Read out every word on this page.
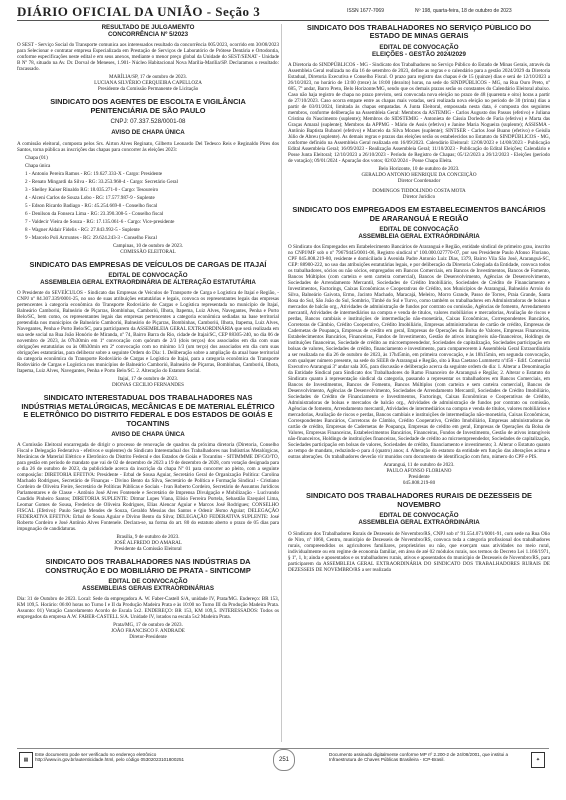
DIÁRIO OFICIAL DA UNIÃO - Seção 3	ISSN 1677-7069	Nº 198, quarta-feira, 18 de outubro de 2023

RESULTADO DE JULGAMENTO

CONCORRÊNCIA Nº 5/2023

O SEST - Serviço Social do Transporte comunica aos interessados resultado da concorrência 005/2023, ocorrido em 30/08/2023 para Selecionar e contratar empresa Especializada em Prestação de Serviços de Laboratório de Prótese Dentária e Ortodontia, conforme especificações neste edital e em seus anexos, mediante o menor preço global da Unidade do SEST/SENAT - Unidade B Nº 78, situado na Av. Dr. Dorval de Meneses, 1.901- Núcleo Habitacional Nova Marília-Marília/SP. Declaramos o resultado: fracassado.

MARÍLIA/SP, 17 de outubro de 2023.

LUCIANA SILVÉRIO CERQUEIRA CAPELLOZA

Presidente da Comissão Permanente de Licitação

SINDICATO DOS AGENTES DE ESCOLTA E VIGILÂNCIA PENITENCIÁRIA DE SÃO PAULO

CNPJ: 07.337.528/0001-08

AVISO DE CHAPA ÚNICA

A comissão eleitoral, composta pelos Srs. Airton Alves Reginato, Gilberto Leonardo Del Tedesco Reis e Reginaldo Pires dos Santos, torna pública as inscrições das chapas para concorrer às eleições 2023:

Chapa (01)

Chapa única

1 - Antonio Pereira Ramos - RG: 19.627.333-X - Cargo: Presidente

2 - Renato Mingardi da Silva - RG: 33.253.968-4 - Cargo: Secretário Geral

3 - Shelley Kaiser Rinaldo RG: 18.035.271-0 - Cargo: Tesoureiro

4 - Alceni Carlos de Souza Lobo - RG: 17.577.987-9 - Suplente

5 - Edson Ricardo Badiago - RG: 45.254.669-8 - Conselho fiscal

6 - Denilson da Fonseca Lima - RG: 23.390.308-5 - Conselho fiscal

7 - Valdecir Vieira de Souza - RG: 17.135.061-6 - Cargo: Vice-presidente

8 - Wagner Aldair Fidelis - RG: 27.843.992-5 - Suplente

9 - Marcelo Poli Arrruntes - RG: 29.624.243-3 - Conselho Fiscal

Campinas, 10 de outubro de 2023.

COMISSÃO ELEITORAL

SINDICATO DAS EMPRESAS DE VEÍCULOS DE CARGAS DE ITAJAÍ

EDITAL DE CONVOCAÇÃO

ASSEMBLEIA GERAL EXTRAORDINÁRIA DE ALTERAÇÃO ESTATUTÁRIA

O Presidente do SEVEÍCULOS - Sindicato das Empresas de Veículos de Transporte de Carga e Logística de Itajaí e Região, - CNPJ nº 84.307.339/0001-25, no uso de suas atribuições estatutárias e legais, convoca os representantes legais das empresas pertencentes à categoria econômica do Transporte Rodoviário de Cargas e Logística representada no município de Itajaí, Balneário Camboriú, Balneário de Piçarras, Bombinhas, Camboriú, Ilhota, Itapema, Luiz Alves, Navegantes, Penha e Porto Belo/SC, bem como, os representantes legais das empresas pertencentes a categoria econômica sediadas na base territorial pretendida nos municípios de Balneário Camboriú, Balneário de Piçarras, Bombinhas, Camboriú, Ilhota, Itapema, Luiz Alves, Navegantes, Penha e Porto Belo/SC, para participarem da ASSEMBLEIA GERAL EXTRAORDINÁRIA que será realizada em sua sede social na Rua João Honório de Miranda, nº 74, Bairro Barra do Rio, cidade de Itajaí/SC, CEP 88305-240, no dia 06 de novembro de 2023, às 07h30min em 1ª convocação com quórum de 2/3 (dois terços) dos associados em dia com suas obrigações estatutárias ou às 08h30min em 2ª convocação com no mínimo 1/3 (um terço) dos associados em dia com suas obrigações estatutárias, para deliberar sobre a seguinte Ordem do Dia: 1. Deliberação sobre a ampliação da atual base territorial da categoria econômica do Transporte Rodoviário de Cargas e Logística de Itajaí, para a categoria econômica do Transporte Rodoviário de Cargas e Logística nos municípios de Balneário Camboriú, Balneário de Piçarras, Bombinhas, Camboriú, Ilhota, Itapema, Luiz Alves, Navegantes, Penha e Porto Belo/SC. 2. Alteração do Estatuto Social.

Itajaí, 17 de outubro de 2023.

DIONAS CECILIO FERNANDES

SINDICATO INTERESTADUAL DOS TRABALHADORES NAS INDÚSTRIAS METALÚRGICAS, MECÂNICAS E DE MATERIAL ELÉTRICO E ELETRÔNICO DO DISTRITO FEDERAL E DOS ESTADOS DE GOIÁS E TOCANTINS

AVISO DE CHAPA ÚNICA

A Comissão Eleitoral encarregada de dirigir o processo de renovação de quadros da próxima diretoria (Diretoria, Conselho Fiscal e Delegação Federativa - efetivos e suplentes) do Sindicato Interestadual dos Trabalhadores nas Indústrias Metalúrgicas, Mecânicas de Material Elétrico e Eletrônico do Distrito Federal e dos Estados de Goiás e Tocantins - SITIMMME DF/GO/TO, para gestão em período de mandato que vai de 02 de dezembro de 2023 a 19 de dezembro de 2028, com votação designada para o dia 26 de outubro de 2023, da publicidade acerca da inscrição da chapa Nº 01 para concorrer ao pleito, com a seguinte composição: DIRETORIA EFETIVA: Presidente - Erbal de Sousa Aguiar, Secretário Geral de Organização Política: Carolina Machado Rodrigues, Secretário de Finanças - Divino Bento da Silva, Secretário de Política e Formação Sindical - Cristiano Cordeiro de Oliveira Freire, Secretário de Políticas Públicas e Sociais - Ivan Roberto Cordeiro, Secretário de Assuntos Jurídicos Parlamentares e de Classe - Antônio José Alves Fontenele e Secretário de Imprensa Divulgação e Mobilização - Lucivando Candido Pinheiro Santos; DIRETORIA SUPLENTE: Ditmar Lopes Viana, Elísio Ferreira Portela, Sebastião Ezequiel Lima, Leomar Gomes de Sousa, Frederico de Oliveira Rodrigues, Elias Alencar Aguiar e Marcos José Rodrigues; CONSELHO FISCAL (Efetivo): Paulo Sergio Mendes de Souza, Geraldo Messias dos Santos e Odenir Jêsmo Aguiar; DELEGAÇÃO FEDERATIVA EFETIVA: Erbal de Sousa Aguiar e Divino Bento da Silva; DELEGAÇÃO FEDERATIVA SUPLENTE: José Roberto Cordeiro e José Antônio Alves Fontenele. Declara-se, na forma do art. 80 do estatuto aberto o prazo de 05 dias para impugnação de candidaturas.

Brasília, 9 de outubro de 2023.

JOSÉ ALFREDO DO AMARAL

Presidente da Comissão Eleitoral

SINDICATO DOS TRABALHADORES NAS INDÚSTRIAS DA CONSTRUÇÃO E DO MOBILIÁRIO DE PRATA - SINTICOMP

EDITAL DE CONVOCAÇÃO

ASSEMBLEIAS GERAIS EXTRAORDINÁRIAS

Dia: 31 de Outubro de 2023. Local: Sede da empregadora A. W. Faber-Castell S/A, unidade IV, Prata/MG. Endereço: BR 153, KM 109,5. Horário: 06:00 horas no Turno I e II da Produção Madeira Prata e às 10:00 no Turno III da Produção Madeira Prata. Assunto: 01) Votação Cancelamento Acordo de Escala 5x2. ENDEREÇO: BR 153, KM 109,5. INTERESSADOS: Todos os empregados da empresa A.W. FABER-CASTELL S/A. Unidade IV, lotados na escala 5x2 Madeira Prata.

Prata/MG, 17 de outubro de 2023.

JOÃO FRANCISCO F. ANDRADE

Diretor-Presidente

SINDICATO DOS TRABALHADORES NO SERVIÇO PÚBLICO DO ESTADO DE MINAS GERAIS

EDITAL DE CONVOCAÇÃO

ELEIÇÕES - GESTÃO 2024/2029

A Diretoria do SINDPÚBLICOS - MG - Sindicato dos Trabalhadores no Serviço Público do Estado de Minas Gerais, através da Assembleia Geral realizada no dia 16 de setembro de 2023, define as regras e o calendário para a gestão 2024/2029 da Diretoria Estadual, Diretoria Executiva e Conselho Fiscal. O prazo para registro das chapas é de 15 (quinze) dias e será de 12/10/2023 a 26/10/2023, no horário de 13:00 (treze) às 18:00 (dezoito) horas, na sede do SINDPÚBLICOS - MG, na Rua Ouro Preto, nº 685, 7º andar, Barro Preto, Belo Horizonte/MG, sendo que os demais prazos serão os constantes do Calendário Eleitoral abaixo. Caso não haja registro de chapa no prazo previsto, será convocada nova eleição no prazo de 48 (quarenta e oito) horas a partir de 27/10/2023. Caso ocorra empate entre as chapas mais votadas, será realizada nova eleição no período de 30 (trinta) dias a partir de 03/01/2024, limitada às chapas empatadas. A Junta Eleitoral, empossada nesta data, é composta dos seguintes membros, conforme deliberação na Assembleia Geral: Membros da ASTEMIG - Carlos Augusto dos Passos (efetivo) e Juliana Cristina do Nascimento (suplente); Membros do SIDSTEMIG - Antonieta de Cássia Dorledo de Faria (efetivo) e Marta das Graças Amaral (suplente); Membros da APPMG - Mário de Assis (efetivo) e Janine Maria Nogueira (suplente); ASSISMA - Antônio Baptista Bubacel (efetivo) e Marcelo da Silva Moraes (suplente); SINTSER - Carlos José Buano (efetivo) e Geisila Júlio de Abreu (suplente). As demais regras e prazos das eleições serão os estabelecidos no Estatuto do SINDPÚBLICOS - MG, conforme definido na Assembleia Geral realizada em 16/09/2023. Calendário Eleitoral: 12/08/2023 e 14/08/2023 - Publicação Edital Assembleia Geral; 16/09/2023 - Realização Assembleia Geral; 11/10/2023 - Publicação do Edital Eleições; Calendário e Posse Junta Eleitoral; 12/10/2023 a 26/10/2023 - Período de Registro de Chapas; 05/12/2023 a 26/12/2023 - Eleições (período de votação); 09/01/2024 - Apuração dos votos; 02/02/2024 - Posse Chapa Eleita.

Belo Horizonte, 10 de outubro de 2023.

GERALDO ANTONIO HENRIQUE DA CONCEIÇÃO

Diretor Coordenador

DOMINGOS TIDDOLINDO COSTA MOTA

Diretor Jurídico

SINDICATO DOS EMPREGADOS EM ESTABELECIMENTOS BANCÁRIOS DE ARARANGUÁ E REGIÃO

EDITAL DE CONVOCAÇÃO

ASSEMBLEIA GERAL EXTRAORDINÁRIA

O Sindicato dos Empregados em Estabelecimento Bancários de Araranguá e Região, entidade sindical de primeiro grau, inscrito no CNPJ/MF sob o nº 79679445/0001-06, Registro sindical nº 100.000.027770-07, por seu Presidente Paulo Afonso Floriano, CPF 045.808.219-80, residente e domiciliado à Avenida Padre Antonio Luiz Dias, 1379, Bairro Vila São José, Araranguá-SC, CEP: 88900-222, no uso das atribuições estatutárias legais, e por deliberação da Diretoria Colegiada da Entidade, convoca todos os trabalhadores, sócios ou não sócios, empregados em Bancos Comerciais, em Bancos de Investimentos, Bancos de Fomento, Bancos Múltiplos (com carteira e sem carteira comercial), Bancos de Desenvolvimento, Agências de Desenvolvimento, Sociedades de Arrendamento Mercantil, Sociedades de Crédito Imobiliário, Sociedades de Crédito de Financiamento e Investimentos, Factorings, Caixas Econômicas e Cooperativas de Crédito, nos Municípios de Araranguá, Balneário Arroio do Silva, Balneário Gaivota, Ermo, Jacinto Machado, Maracajá, Meleiro, Morro Grande, Passo de Torres, Praia Grande, Santa Rosa do Sul, São João do Sul, Sombrio, Timbé do Sul e Turvo, como também os trabalhadores em Administradoras de bolsas e mercados de balcão org., Atividades de administração de fundos por contrato ou comissão, Agências de fomento, Arrendamento mercantil, Atividades de intermediários na compra e venda de títulos, valores mobiliários e mercadorias, Avaliação de riscos e perdas, Bancos cambiais e instituições de intermediação não-monetária, Caixas Econômicas, Correspondentes Bancários, Corretoras de Câmbio, Crédito Cooperativo, Crédito Imobiliário, Empresas administradoras de cartão de crédito, Empresas de Cadernetas de Poupança, Empresas de crédito em geral, Empresas de Operações da Bolsa de Valores, Empresas Financeiras, Estabelecimentos Bancários, Financeiras, Fundos de Investimento, Gestão de ativos intangíveis não-financeiros, Holdings de instituições financeiras, Sociedade de crédito ao microempreendedor, Sociedades de capitalização, Sociedades participação em bolsas de valores, Sociedades de crédito, financiamento e investimento, para comparecerem à Assembleia Geral Extraordinária a ser realizada no dia 26 de outubro de 2023, às 17h45min, em primeira convocação, e às 18h15min, em segunda convocação, com qualquer número presente, na sede do SEEB de Araranguá e Região, sito à Rua Caetano Lummertz nº456 - Edif. Comercial Executivo Araranguá 3º andar sala 305, para discussão e deliberação acerca da seguinte ordem do dia: 1. Alterar a Denominação da Entidade Sindical para Sindicato dos Trabalhadores do Ramo Financeiro de Araranguá e Região; 2. Alterar o Estatuto do Sindicato quanto à representação sindical da categoria, passando a representar os trabalhadores em Bancos Comerciais, em Bancos de Investimentos, Bancos de Fomento, Bancos Múltiplos (com carteira e sem carteira comercial), Bancos de Desenvolvimento, Agências de Desenvolvimento, Sociedades de Arrendamento Mercantil, Sociedades de Crédito Imobiliário, Sociedades de Crédito de Financiamento e Investimentos, Factorings, Caixas Econômicas e Cooperativas de Crédito, Administradoras de bolsas e mercados de balcão org., Atividades de administração de fundos por contrato ou comissão, Agências de fomento, Arrendamento mercantil, Atividades de intermediários na compra e venda de títulos, valores mobiliários e mercadorias, Avaliação de riscos e perdas, Bancos cambiais e instituições de intermediação não-monetária, Caixas Econômicas, Correspondentes Bancários, Corretoras de Câmbio, Crédito Cooperativo, Crédito Imobiliário, Empresas administradoras de cartão de crédito, Empresas de Cadernetas de Poupança, Empresas de crédito em geral, Empresas de Operações da Bolsa de Valores, Empresas Financeiras, Estabelecimentos Bancários, Financeiras, Fundos de Investimento, Gestão de ativos intangíveis não-financeiros, Holdings de instituições financeiras, Sociedade de crédito ao microempreendedor, Sociedades de capitalização, Sociedades participação em bolsas de valores, Sociedades de crédito, financiamento e investimento; 3. Alterar o Estatuto quanto ao tempo de mandato, reduzindo-o para 4 (quatro) anos; 4. Alteração do estatuto da entidade em função das alterações acima e outras alterações. Os trabalhadores deverão vir munidos com documento de identificação com foto, número do CPF e PIS.

Araranguá, 11 de outubro de 2023.

PAULO AFONSO FLORIANO

Presidente

045.808.219-80

SINDICATO DOS TRABALHADORES RURAIS DE DEZESSEIS DE NOVEMBRO

EDITAL DE CONVOCAÇÃO

ASSEMBLEIA GERAL EXTRAORDINÁRIA

O Sindicato dos Trabalhadores Rurais de Dezesseis de Novembro/RS, CNPJ sob nº 91.554.071/0001-91, com sede na Rua Olio de Niro, nº 1060, Centro, município de Dezesseis de Novembro/RS, convoca toda a categoria profissional dos trabalhadores rurais, compreendidos os agricultores familiares, proprietários ou não, que exerçam suas atividades no meio rural, individualmente ou em regime de economia familiar, em área de até 02 módulos rurais, nos termos do Decreto Lei 1.166/1971, § 1º, 1, b; ainda e aposentados e os trabalhadores rurais, ativos e aposentados do município de Dezesseis de Novembro/RS, para participarem da ASSEMBLEIA GERAL EXTRAORDINÁRIA DO SINDICATO DOS TRABALHADORES RURAIS DE DEZESSEIS DE NOVEMBRO/RS a ser realizada

▦
Este documento pode ser verificado no endereço eletrônico http://www.in.gov.br/autenticidade.html, pelo código 05302023101800251	251
Documento assinado digitalmente conforme MP nº 2.200-2 de 24/08/2001, que institui a Infraestrutura de Chaves Públicas Brasileira - ICP-Brasil.	✦
